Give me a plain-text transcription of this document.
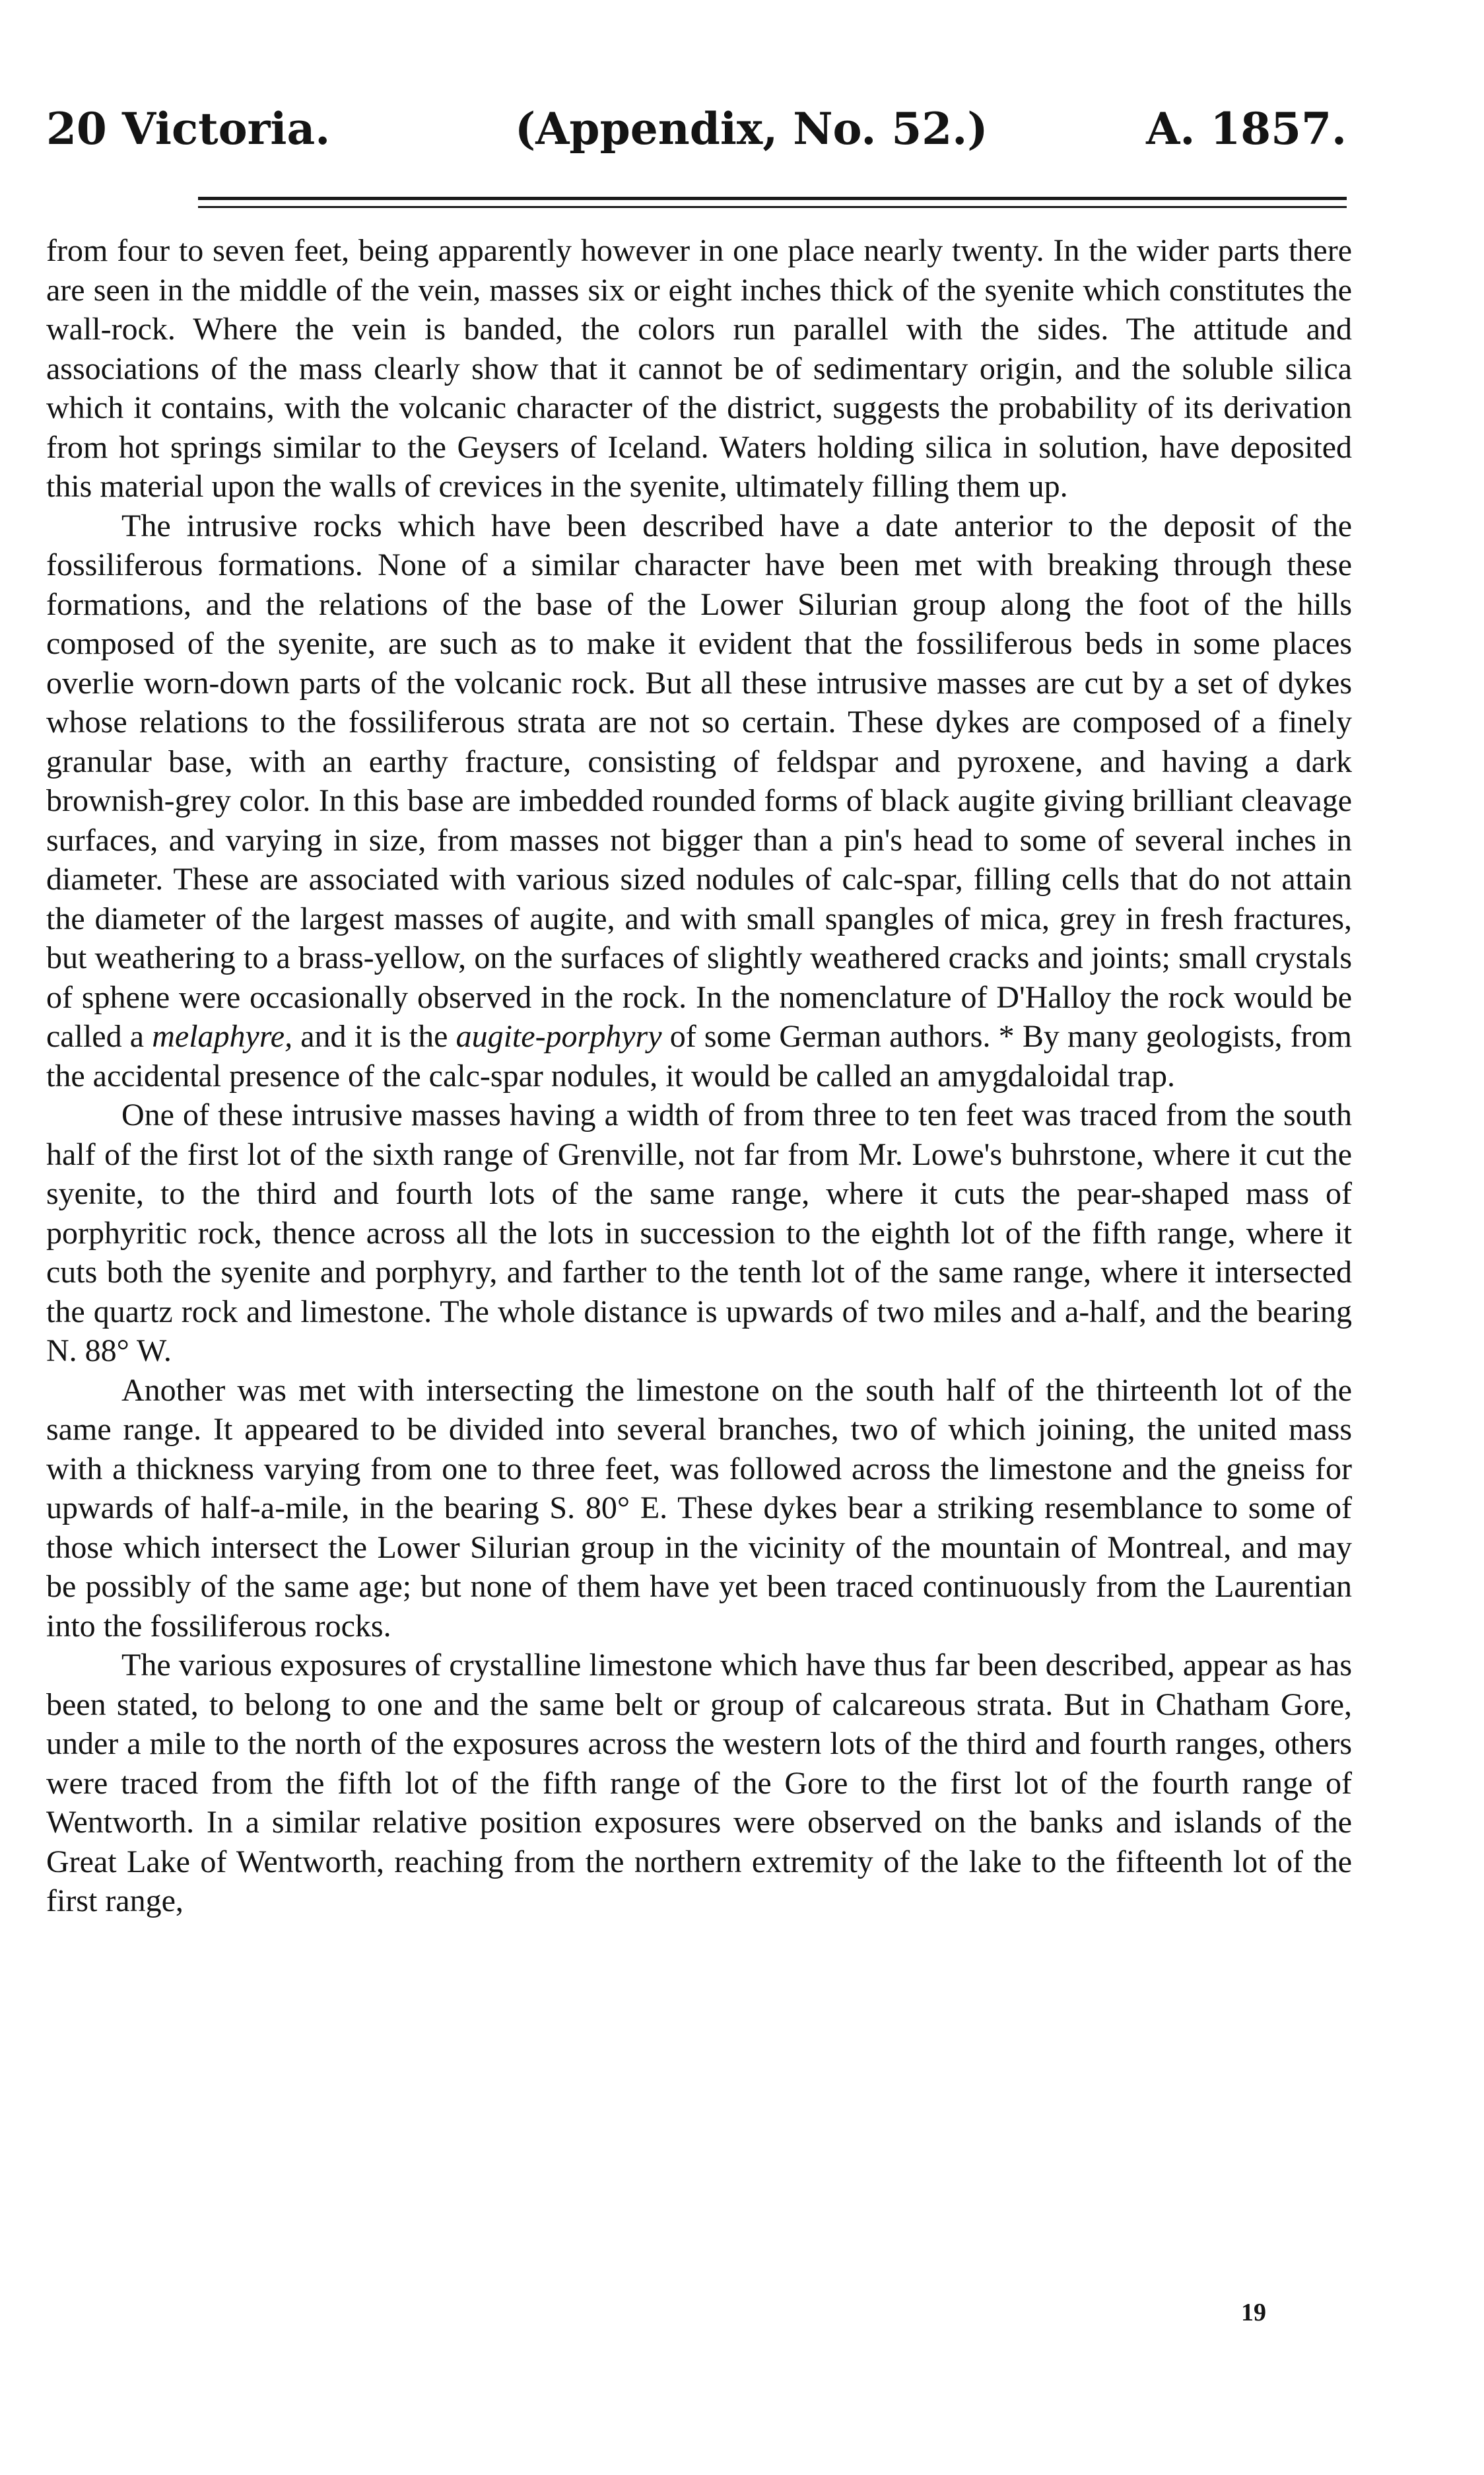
20 Victoria.	(Appendix, No. 52.)	A. 1857.

from four to seven feet, being apparently however in one place nearly twenty. In the wider parts there are seen in the middle of the vein, masses six or eight inches thick of the syenite which constitutes the wall-rock. Where the vein is banded, the colors run parallel with the sides. The attitude and associations of the mass clearly show that it cannot be of sedimentary origin, and the soluble silica which it contains, with the volcanic character of the district, suggests the probability of its derivation from hot springs similar to the Geysers of Iceland. Waters holding silica in solution, have deposited this material upon the walls of crevices in the syenite, ultimately filling them up.

The intrusive rocks which have been described have a date anterior to the deposit of the fossiliferous formations. None of a similar character have been met with breaking through these formations, and the relations of the base of the Lower Silurian group along the foot of the hills composed of the syenite, are such as to make it evident that the fossiliferous beds in some places overlie worn-down parts of the volcanic rock. But all these intrusive masses are cut by a set of dykes whose relations to the fossiliferous strata are not so certain. These dykes are composed of a finely granular base, with an earthy fracture, consisting of feldspar and pyroxene, and having a dark brownish-grey color. In this base are imbedded rounded forms of black augite giving brilliant cleavage surfaces, and varying in size, from masses not bigger than a pin's head to some of several inches in diameter. These are associated with various sized nodules of calc-spar, filling cells that do not attain the diameter of the largest masses of augite, and with small spangles of mica, grey in fresh fractures, but weathering to a brass-yellow, on the surfaces of slightly weathered cracks and joints; small crystals of sphene were occasionally observed in the rock. In the nomenclature of D'Halloy the rock would be called a melaphyre, and it is the augite-porphyry of some German authors. * By many geologists, from the accidental presence of the calc-spar nodules, it would be called an amygdaloidal trap.

One of these intrusive masses having a width of from three to ten feet was traced from the south half of the first lot of the sixth range of Grenville, not far from Mr. Lowe's buhrstone, where it cut the syenite, to the third and fourth lots of the same range, where it cuts the pear-shaped mass of porphyritic rock, thence across all the lots in succession to the eighth lot of the fifth range, where it cuts both the syenite and porphyry, and farther to the tenth lot of the same range, where it intersected the quartz rock and limestone. The whole distance is upwards of two miles and a-half, and the bearing N. 88° W.

Another was met with intersecting the limestone on the south half of the thirteenth lot of the same range. It appeared to be divided into several branches, two of which joining, the united mass with a thickness varying from one to three feet, was followed across the limestone and the gneiss for upwards of half-a-mile, in the bearing S. 80° E. These dykes bear a striking resemblance to some of those which intersect the Lower Silurian group in the vicinity of the mountain of Montreal, and may be possibly of the same age; but none of them have yet been traced continuously from the Laurentian into the fossiliferous rocks.

The various exposures of crystalline limestone which have thus far been described, appear as has been stated, to belong to one and the same belt or group of calcareous strata. But in Chatham Gore, under a mile to the north of the exposures across the western lots of the third and fourth ranges, others were traced from the fifth lot of the fifth range of the Gore to the first lot of the fourth range of Wentworth. In a similar relative position exposures were observed on the banks and islands of the Great Lake of Wentworth, reaching from the northern extremity of the lake to the fifteenth lot of the first range,

19
